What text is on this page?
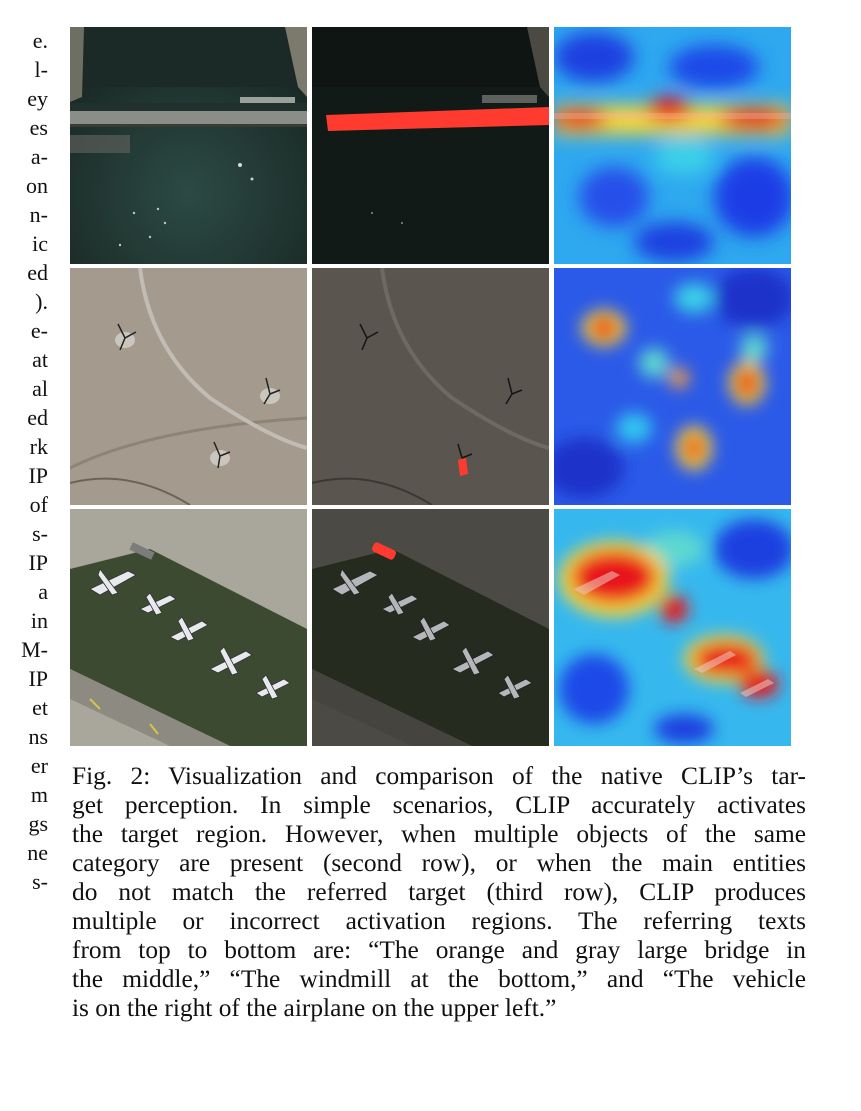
e.
l-
ey
es
a-
on
n-
ic
ed
).
e-
at
al
ed
rk
IP
of
s-
IP
a
in
M-
IP
et
ns
er
m
gs
ne
s-
Fig. 2: Visualization and comparison of the native CLIP’s tar-
get perception. In simple scenarios, CLIP accurately activates
the target region. However, when multiple objects of the same
category are present (second row), or when the main entities
do not match the referred target (third row), CLIP produces
multiple or incorrect activation regions. The referring texts
from top to bottom are: “The orange and gray large bridge in
the middle,” “The windmill at the bottom,” and “The vehicle
is on the right of the airplane on the upper left.”
